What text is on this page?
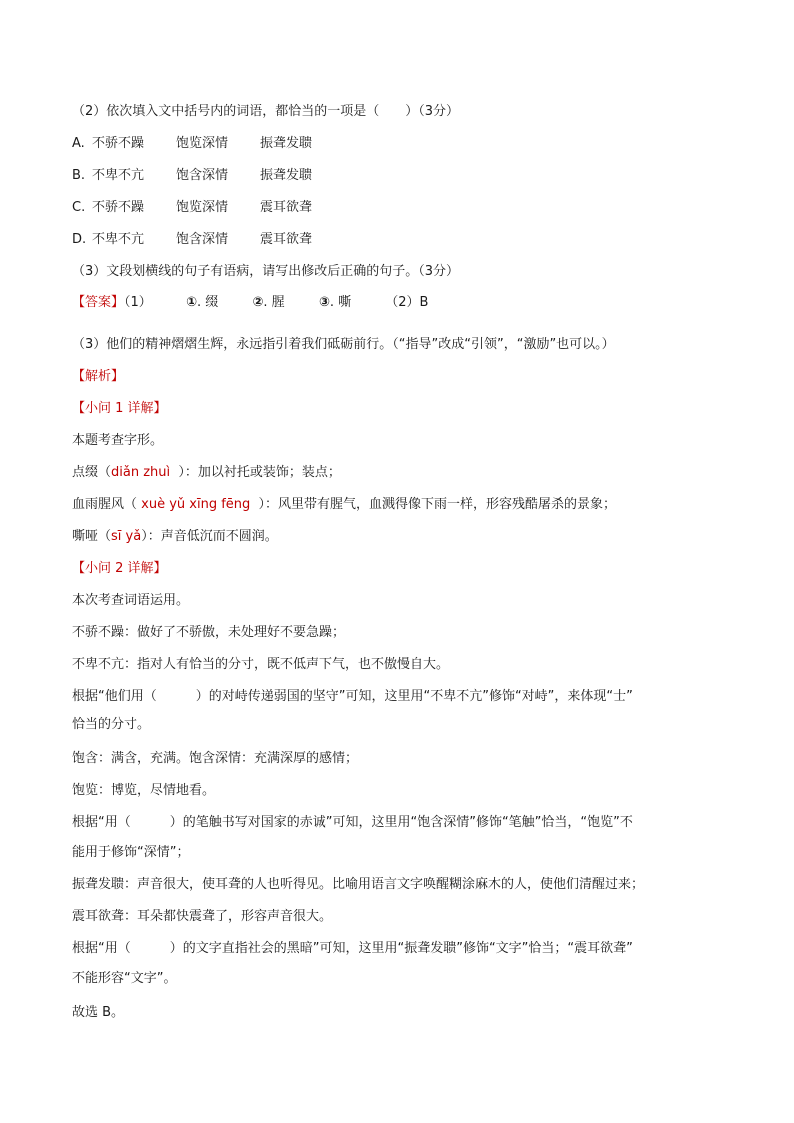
（2）依次填入文中括号内的词语，都恰当的一项是（　　）（3分）
A. 不骄不躁 饱览深情 振聋发聩
B. 不卑不亢 饱含深情 振聋发聩
C. 不骄不躁 饱览深情 震耳欲聋
D. 不卑不亢 饱含深情 震耳欲聋
（3）文段划横线的句子有语病，请写出修改后正确的句子。（3分）
【答案】（1）	①. 缀	②. 腥	③. 嘶	（2）B
（3）他们的精神熠熠生辉，永远指引着我们砥砺前行。（“指导”改成“引领”，“激励”也可以。）
【解析】
【小问 1 详解】
本题考查字形。
点缀（diǎn zhuì ）：加以衬托或装饰；装点；
血雨腥风（ xuè yǔ xīng fēng ）：风里带有腥气，血溅得像下雨一样，形容残酷屠杀的景象；
嘶哑（sī yǎ）：声音低沉而不圆润。
【小问 2 详解】
本次考查词语运用。
不骄不躁：做好了不骄傲，未处理好不要急躁；
不卑不亢：指对人有恰当的分寸，既不低声下气，也不傲慢自大。
根据“他们用（　　　）的对峙传递弱国的坚守”可知，这里用“不卑不亢”修饰“对峙”，来体现“士”
恰当的分寸。
饱含：满含，充满。饱含深情：充满深厚的感情；
饱览：博览，尽情地看。
根据“用（　　　）的笔触书写对国家的赤诚”可知，这里用“饱含深情”修饰“笔触”恰当，“饱览”不
能用于修饰“深情”；
振聋发聩：声音很大，使耳聋的人也听得见。比喻用语言文字唤醒糊涂麻木的人，使他们清醒过来；
震耳欲聋：耳朵都快震聋了，形容声音很大。
根据“用（　　　）的文字直指社会的黑暗”可知，这里用“振聋发聩”修饰“文字”恰当；“震耳欲聋”
不能形容“文字”。
故选 B。
